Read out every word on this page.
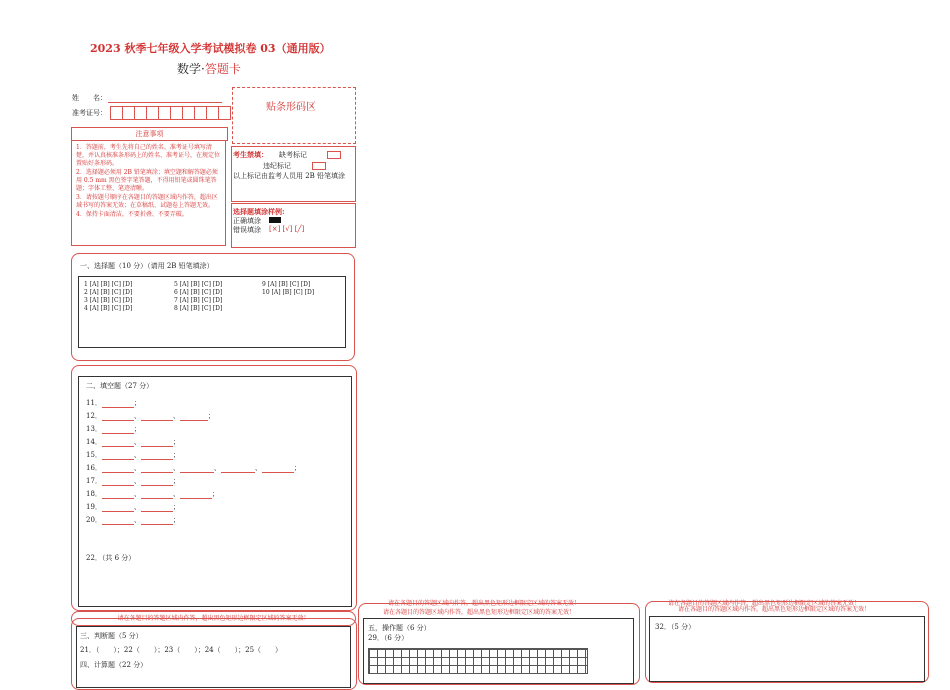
2023 秋季七年级入学考试模拟卷 03（通用版）
数学·答题卡
姓　　名：
准考证号：	贴条形码区
注意事项
1．答题前，考生先将自己的姓名、准考证号填写清楚，并认真核准条形码上的姓名、准考证号，在规定位置贴好条形码。
2．选择题必须用 2B 铅笔填涂；填空题和解答题必须用 0.5 mm 黑色签字笔答题，不得用铅笔或圆珠笔答题；字体工整、笔迹清晰。
3．请按题号顺序在各题目的答题区域内作答，超出区域书写的答案无效；在草稿纸、试题卷上答题无效。
4．保持卡面清洁，不要折叠、不要弄破。
考生禁填： 缺考标记
违纪标记
以上标记由监考人员用 2B 铅笔填涂
选择题填涂样例:
正确填涂
错误填涂 [×] [√] [╱]
一、选择题（10 分）（请用 2B 铅笔填涂）
1 [A] [B] [C] [D]
2 [A] [B] [C] [D]
3 [A] [B] [C] [D]
4 [A] [B] [C] [D]
5 [A] [B] [C] [D]
6 [A] [B] [C] [D]
7 [A] [B] [C] [D]
8 [A] [B] [C] [D]
9 [A] [B] [C] [D]
10 [A] [B] [C] [D]
二、填空题（27 分）
11．	；
12．	、	、	；
13．	；
14．	、	；
15．	、	；
16．	、	、	、	、	；
17．	、	；
18．	、	、	；
19．	、	；
20．	、	；
22．（共 6 分）
请在各题目的答题区域内作答，超出黑色矩形边框限定区域的答案无效！
三、判断题（5 分）
21．（　　）；22（　　）；23（　　）；24（　　）；25（　　）
四、计算题（22 分）
请在各题目的答题区域内作答，超出黑色矩形边框限定区域的答案无效！
请在各题目的答题区域内作答，超出黑色矩形边框限定区域的答案无效！
五，操作题（6 分）
29．（6 分）
请在各题目的答题区域内作答，超出黑色矩形边框限定区域的答案无效！
请在各题目的答题区域内作答，超出黑色矩形边框限定区域的答案无效！
32．（5 分）
